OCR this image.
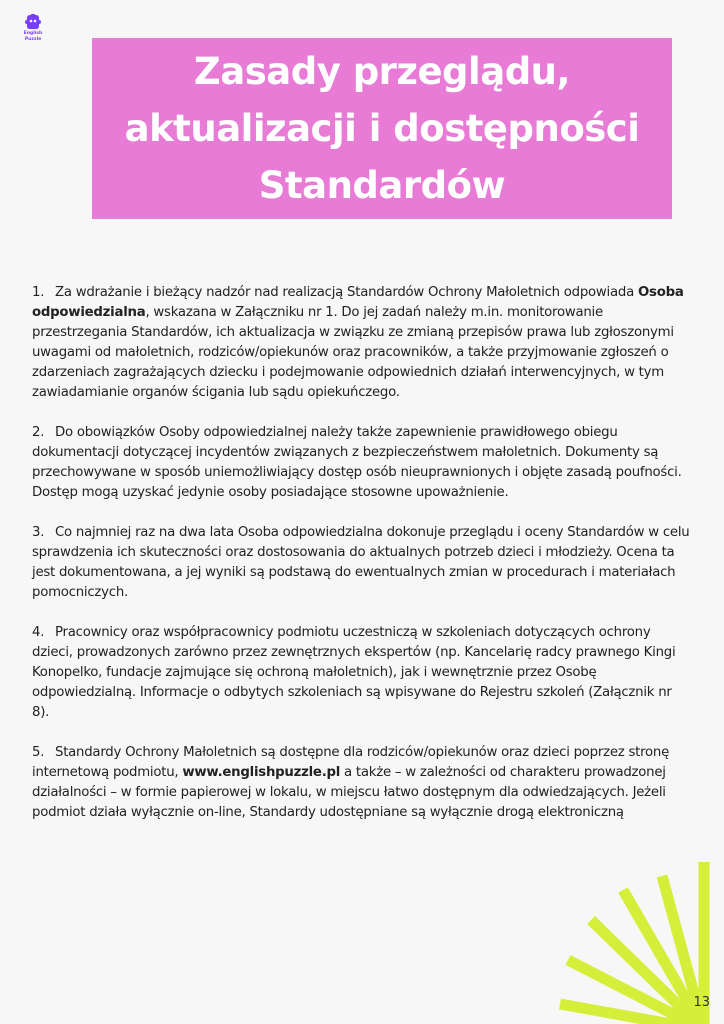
English
Puzzle
Zasady przeglądu,
aktualizacji i dostępności
Standardów

1. Za wdrażanie i bieżący nadzór nad realizacją Standardów Ochrony Małoletnich odpowiada Osoba odpowiedzialna, wskazana w Załączniku nr 1. Do jej zadań należy m.in. monitorowanie przestrzegania Standardów, ich aktualizacja w związku ze zmianą przepisów prawa lub zgłoszonymi uwagami od małoletnich, rodziców/opiekunów oraz pracowników, a także przyjmowanie zgłoszeń o zdarzeniach zagrażających dziecku i podejmowanie odpowiednich działań interwencyjnych, w tym zawiadamianie organów ścigania lub sądu opiekuńczego.

2. Do obowiązków Osoby odpowiedzialnej należy także zapewnienie prawidłowego obiegu dokumentacji dotyczącej incydentów związanych z bezpieczeństwem małoletnich. Dokumenty są przechowywane w sposób uniemożliwiający dostęp osób nieuprawnionych i objęte zasadą poufności. Dostęp mogą uzyskać jedynie osoby posiadające stosowne upoważnienie.

3. Co najmniej raz na dwa lata Osoba odpowiedzialna dokonuje przeglądu i oceny Standardów w celu sprawdzenia ich skuteczności oraz dostosowania do aktualnych potrzeb dzieci i młodzieży. Ocena ta jest dokumentowana, a jej wyniki są podstawą do ewentualnych zmian w procedurach i materiałach pomocniczych.

4. Pracownicy oraz współpracownicy podmiotu uczestniczą w szkoleniach dotyczących ochrony dzieci, prowadzonych zarówno przez zewnętrznych ekspertów (np. Kancelarię radcy prawnego Kingi Konopelko, fundacje zajmujące się ochroną małoletnich), jak i wewnętrznie przez Osobę odpowiedzialną. Informacje o odbytych szkoleniach są wpisywane do Rejestru szkoleń (Załącznik nr 8).

5. Standardy Ochrony Małoletnich są dostępne dla rodziców/opiekunów oraz dzieci poprzez stronę internetową podmiotu, www.englishpuzzle.pl a także – w zależności od charakteru prowadzonej działalności – w formie papierowej w lokalu, w miejscu łatwo dostępnym dla odwiedzających. Jeżeli podmiot działa wyłącznie on-line, Standardy udostępniane są wyłącznie drogą elektroniczną

13
